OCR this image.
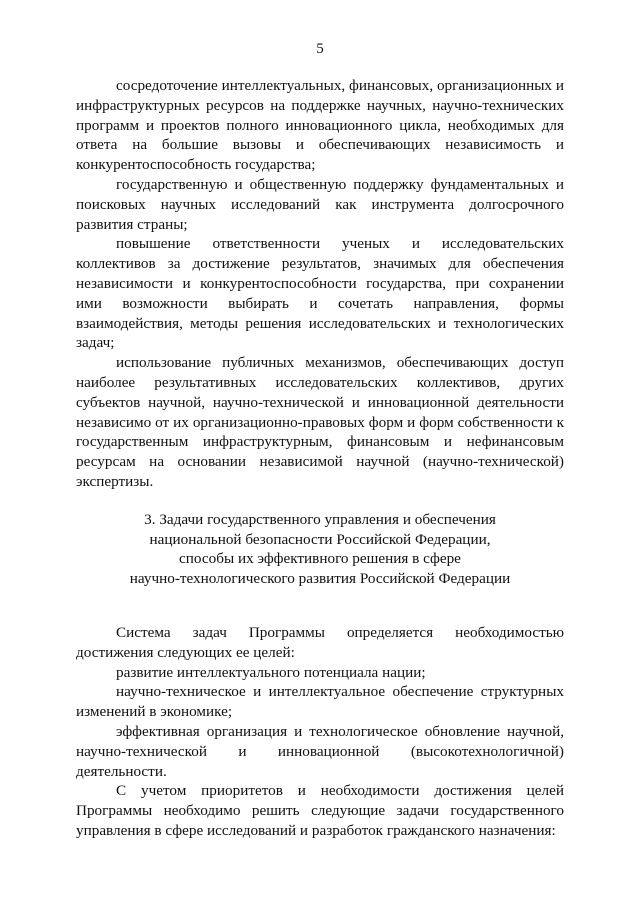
5

сосредоточение интеллектуальных, финансовых, организационных и инфраструктурных ресурсов на поддержке научных, научно-технических программ и проектов полного инновационного цикла, необходимых для ответа на большие вызовы и обеспечивающих независимость и конкурентоспособность государства;

государственную и общественную поддержку фундаментальных и поисковых научных исследований как инструмента долгосрочного развития страны;

повышение ответственности ученых и исследовательских коллективов за достижение результатов, значимых для обеспечения независимости и конкурентоспособности государства, при сохранении ими возможности выбирать и сочетать направления, формы взаимодействия, методы решения исследовательских и технологических задач;

использование публичных механизмов, обеспечивающих доступ наиболее результативных исследовательских коллективов, других субъектов научной, научно-технической и инновационной деятельности независимо от их организационно-правовых форм и форм собственности к государственным инфраструктурным, финансовым и нефинансовым ресурсам на основании независимой научной (научно-технической) экспертизы.

3. Задачи государственного управления и обеспечения
национальной безопасности Российской Федерации,
способы их эффективного решения в сфере
научно-технологического развития Российской Федерации

Система задач Программы определяется необходимостью достижения следующих ее целей:

развитие интеллектуального потенциала нации;

научно-техническое и интеллектуальное обеспечение структурных изменений в экономике;

эффективная организация и технологическое обновление научной, научно-технической и инновационной (высокотехнологичной) деятельности.

С учетом приоритетов и необходимости достижения целей Программы необходимо решить следующие задачи государственного управления в сфере исследований и разработок гражданского назначения:
